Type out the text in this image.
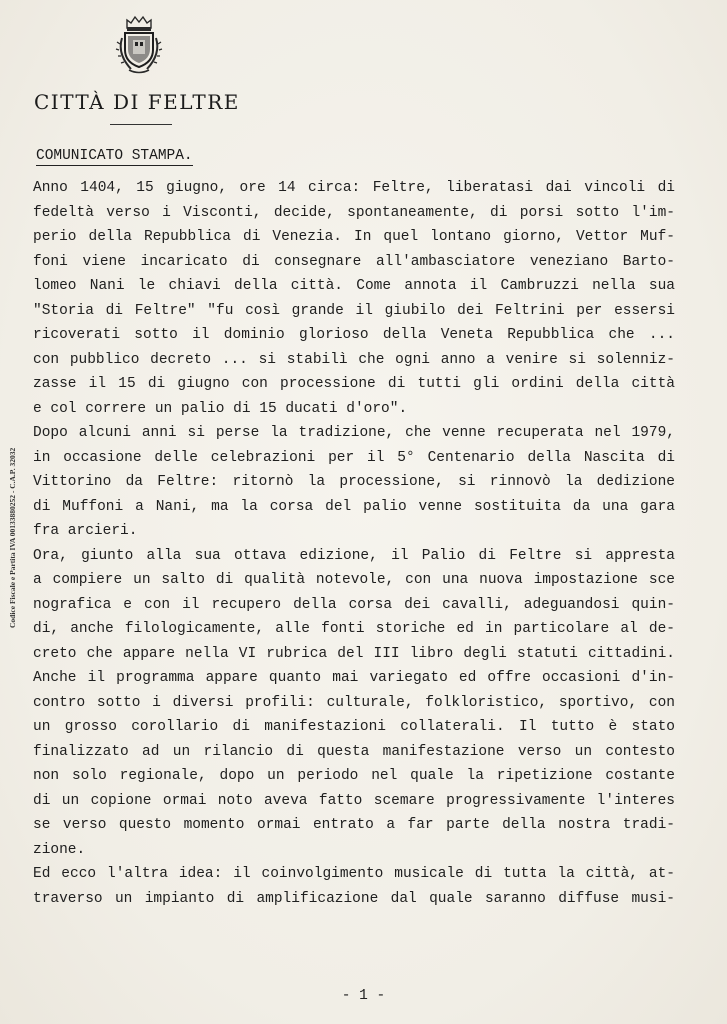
CITTÀ DI FELTRE
COMUNICATO STAMPA.
Codice Fiscale e Partita IVA 00133880252 - C.A.P. 32032
Anno 1404, 15 giugno, ore 14 circa: Feltre, liberatasi dai vincoli di
fedeltà verso i Visconti, decide, spontaneamente, di porsi sotto l'im-
perio della Repubblica di Venezia. In quel lontano giorno, Vettor Muf-
foni viene incaricato di consegnare all'ambasciatore veneziano Barto-
lomeo Nani le chiavi della città. Come annota il Cambruzzi nella sua
"Storia di Feltre" "fu così grande il giubilo dei Feltrini per essersi
ricoverati sotto il dominio glorioso della Veneta Repubblica che ...
con pubblico decreto ... si stabilì che ogni anno a venire si solenniz-
zasse il 15 di giugno con processione di tutti gli ordini della città
e col correre un palio di 15 ducati d'oro".
Dopo alcuni anni si perse la tradizione, che venne recuperata nel 1979,
in occasione delle celebrazioni per il 5° Centenario della Nascita di
Vittorino da Feltre: ritornò la processione, si rinnovò la dedizione
di Muffoni a Nani, ma la corsa del palio venne sostituita da una gara
fra arcieri.
Ora, giunto alla sua ottava edizione, il Palio di Feltre si appresta
a compiere un salto di qualità notevole, con una nuova impostazione sce
nografica e con il recupero della corsa dei cavalli, adeguandosi quin-
di, anche filologicamente, alle fonti storiche ed in particolare al de-
creto che appare nella VI rubrica del III libro degli statuti cittadini.
Anche il programma appare quanto mai variegato ed offre occasioni d'in-
contro sotto i diversi profili: culturale, folkloristico, sportivo, con
un grosso corollario di manifestazioni collaterali. Il tutto è stato
finalizzato ad un rilancio di questa manifestazione verso un contesto
non solo regionale, dopo un periodo nel quale la ripetizione costante
di un copione ormai noto aveva fatto scemare progressivamente l'interes
se verso questo momento ormai entrato a far parte della nostra tradi-
zione.
Ed ecco l'altra idea: il coinvolgimento musicale di tutta la città, at-
traverso un impianto di amplificazione dal quale saranno diffuse musi-
- 1 -
